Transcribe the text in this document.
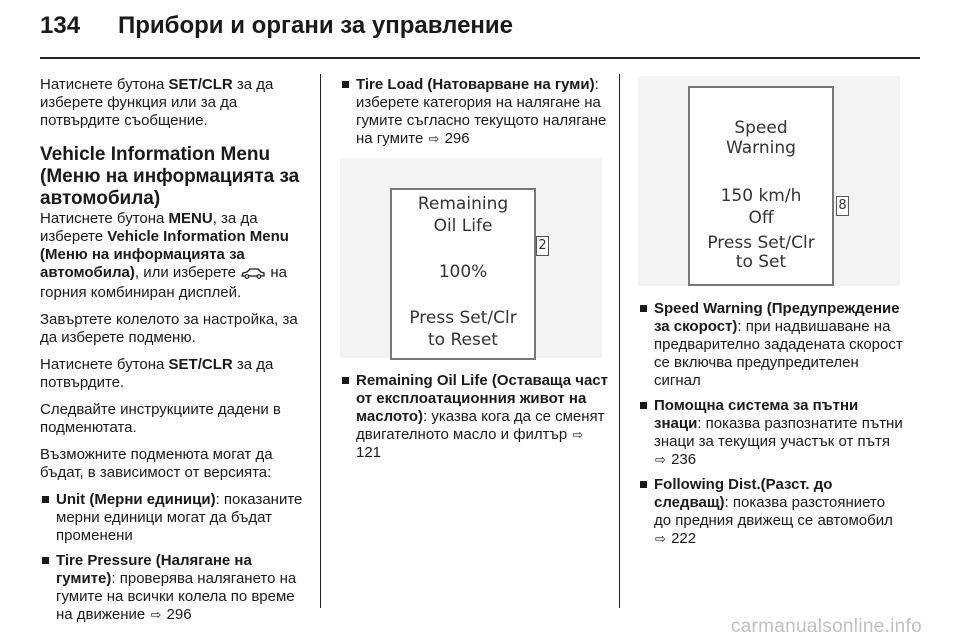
134 Прибори и органи за управление

Натиснете бутона SET/CLR за да изберете функция или за да потвърдите съобщение.

Vehicle Information Menu (Меню на информацията за автомобила)

Натиснете бутона MENU, за да изберете Vehicle Information Menu (Меню на информацията за автомобила), или изберете  на горния комбиниран дисплей.

Завъртете колелото за настройка, за да изберете подменю.

Натиснете бутона SET/CLR за да потвърдите.

Следвайте инструкциите дадени в подменютата.

Възможните подменюта могат да бъдат, в зависимост от версията:

Unit (Мерни единици): показаните мерни единици могат да бъдат променени
Tire Pressure (Налягане на гумите): проверява налягането на гумите на всички колела по време на движение ⇨ 296
Tire Load (Натоварване на гуми): изберете категория на налягане на гумите съгласно текущото налягане на гумите ⇨ 296
Remaining
Oil Life
100%
Press Set/Clr
to Reset
2
Remaining Oil Life (Оставаща част от експлоатационния живот на маслото): указва кога да се сменят двигателното масло и филтър ⇨ 121
Speed
Warning
150 km/h
Off
Press Set/Clr
to Set
8
Speed Warning (Предупреждение за скорост): при надвишаване на предварително зададената скорост се включва предупредителен сигнал
Помощна система за пътни знаци: показва разпознатите пътни знаци за текущия участък от пътя ⇨ 236
Following Dist.(Разст. до следващ): показва разстоянието до предния движещ се автомобил ⇨ 222
carmanualsonline.info
